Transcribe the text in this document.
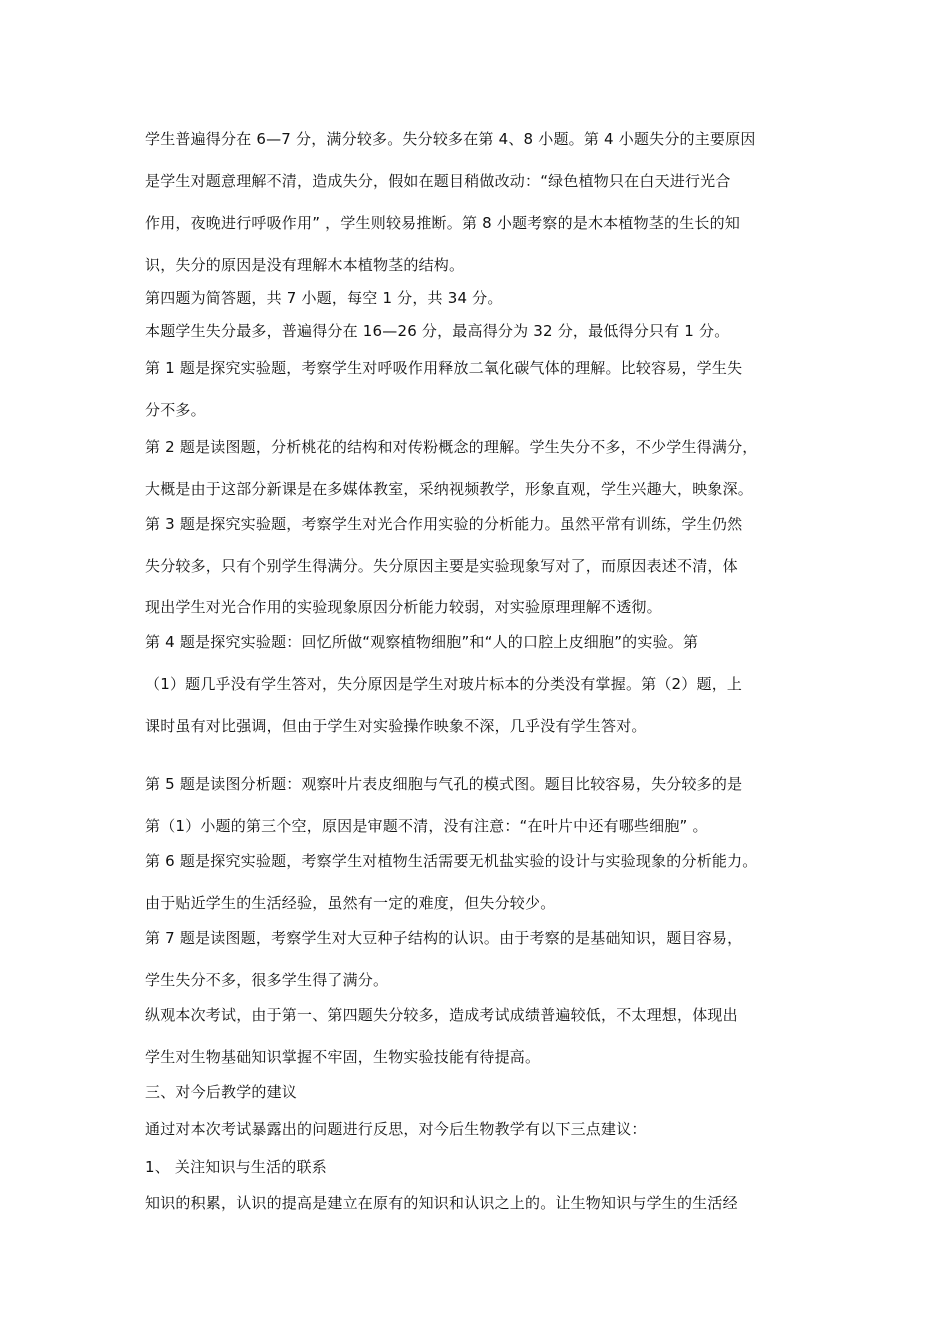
学生普遍得分在 6—7 分，满分较多。失分较多在第 4、8 小题。第 4 小题失分的主要原因
是学生对题意理解不清，造成失分，假如在题目稍做改动：“绿色植物只在白天进行光合
作用，夜晚进行呼吸作用” ，学生则较易推断。第 8 小题考察的是木本植物茎的生长的知
识，失分的原因是没有理解木本植物茎的结构。
第四题为简答题，共 7 小题，每空 1 分，共 34 分。
本题学生失分最多，普遍得分在 16—26 分，最高得分为 32 分，最低得分只有 1 分。
第 1 题是探究实验题，考察学生对呼吸作用释放二氧化碳气体的理解。比较容易，学生失
分不多。
第 2 题是读图题，分析桃花的结构和对传粉概念的理解。学生失分不多，不少学生得满分，
大概是由于这部分新课是在多媒体教室，采纳视频教学，形象直观，学生兴趣大，映象深。
第 3 题是探究实验题，考察学生对光合作用实验的分析能力。虽然平常有训练，学生仍然
失分较多，只有个别学生得满分。失分原因主要是实验现象写对了，而原因表述不清，体
现出学生对光合作用的实验现象原因分析能力较弱，对实验原理理解不透彻。
第 4 题是探究实验题：回忆所做“观察植物细胞”和“人的口腔上皮细胞”的实验。第
（1）题几乎没有学生答对，失分原因是学生对玻片标本的分类没有掌握。第（2）题，上
课时虽有对比强调，但由于学生对实验操作映象不深，几乎没有学生答对。
第 5 题是读图分析题：观察叶片表皮细胞与气孔的模式图。题目比较容易，失分较多的是
第（1）小题的第三个空，原因是审题不清，没有注意：“在叶片中还有哪些细胞” 。
第 6 题是探究实验题，考察学生对植物生活需要无机盐实验的设计与实验现象的分析能力。
由于贴近学生的生活经验，虽然有一定的难度，但失分较少。
第 7 题是读图题，考察学生对大豆种子结构的认识。由于考察的是基础知识，题目容易，
学生失分不多，很多学生得了满分。
纵观本次考试，由于第一、第四题失分较多，造成考试成绩普遍较低，不太理想，体现出
学生对生物基础知识掌握不牢固，生物实验技能有待提高。
三、对今后教学的建议
通过对本次考试暴露出的问题进行反思，对今后生物教学有以下三点建议：
1、 关注知识与生活的联系
知识的积累，认识的提高是建立在原有的知识和认识之上的。让生物知识与学生的生活经
